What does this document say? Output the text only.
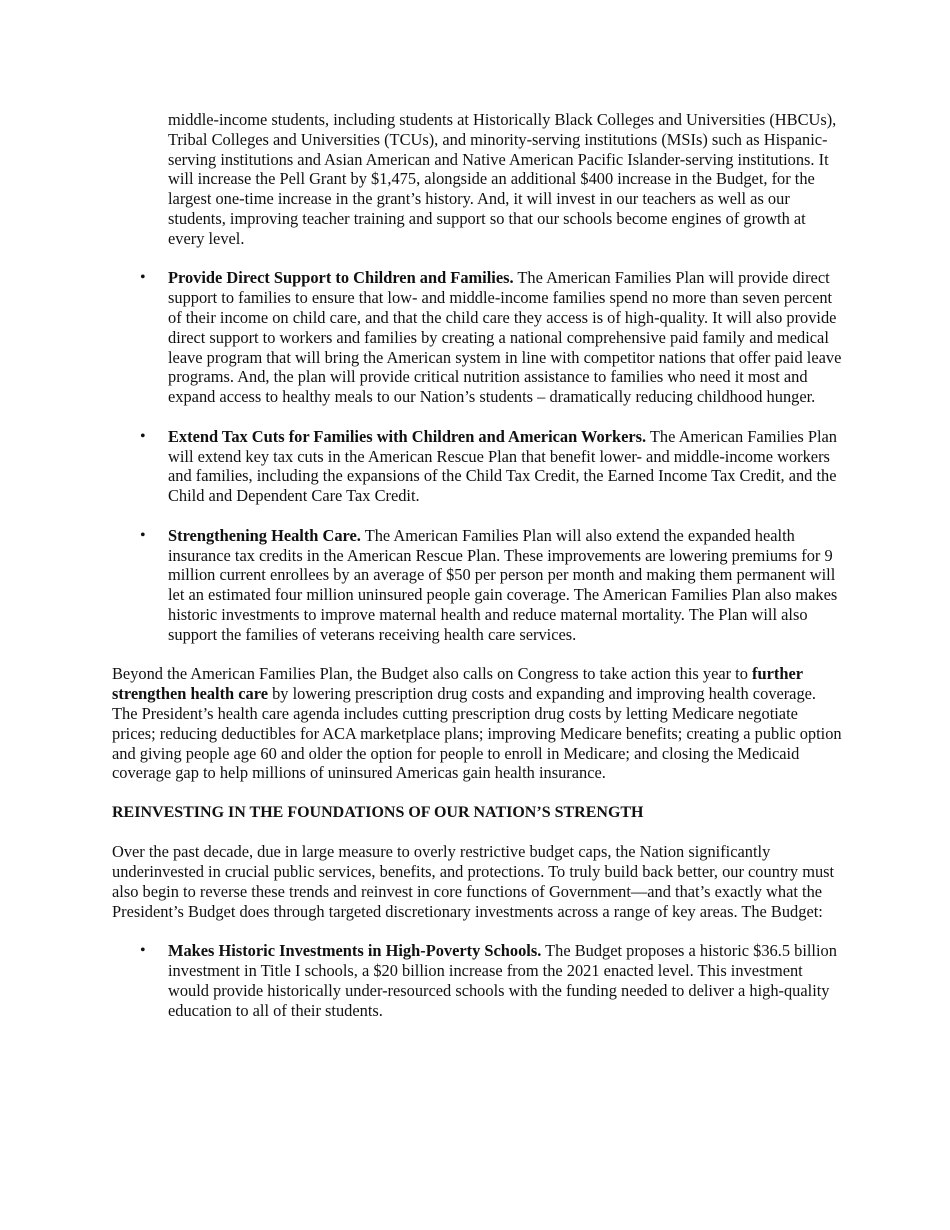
middle-income students, including students at Historically Black Colleges and Universities (HBCUs), Tribal Colleges and Universities (TCUs), and minority-serving institutions (MSIs) such as Hispanic-serving institutions and Asian American and Native American Pacific Islander-serving institutions. It will increase the Pell Grant by $1,475, alongside an additional $400 increase in the Budget, for the largest one-time increase in the grant’s history. And, it will invest in our teachers as well as our students, improving teacher training and support so that our schools become engines of growth at every level.

• Provide Direct Support to Children and Families. The American Families Plan will provide direct support to families to ensure that low- and middle-income families spend no more than seven percent of their income on child care, and that the child care they access is of high-quality. It will also provide direct support to workers and families by creating a national comprehensive paid family and medical leave program that will bring the American system in line with competitor nations that offer paid leave programs. And, the plan will provide critical nutrition assistance to families who need it most and expand access to healthy meals to our Nation’s students – dramatically reducing childhood hunger.
• Extend Tax Cuts for Families with Children and American Workers. The American Families Plan will extend key tax cuts in the American Rescue Plan that benefit lower- and middle-income workers and families, including the expansions of the Child Tax Credit, the Earned Income Tax Credit, and the Child and Dependent Care Tax Credit.
• Strengthening Health Care. The American Families Plan will also extend the expanded health insurance tax credits in the American Rescue Plan. These improvements are lowering premiums for 9 million current enrollees by an average of $50 per person per month and making them permanent will let an estimated four million uninsured people gain coverage. The American Families Plan also makes historic investments to improve maternal health and reduce maternal mortality. The Plan will also support the families of veterans receiving health care services.

Beyond the American Families Plan, the Budget also calls on Congress to take action this year to further strengthen health care by lowering prescription drug costs and expanding and improving health coverage. The President’s health care agenda includes cutting prescription drug costs by letting Medicare negotiate prices; reducing deductibles for ACA marketplace plans; improving Medicare benefits; creating a public option and giving people age 60 and older the option for people to enroll in Medicare; and closing the Medicaid coverage gap to help millions of uninsured Americas gain health insurance.

REINVESTING IN THE FOUNDATIONS OF OUR NATION’S STRENGTH

Over the past decade, due in large measure to overly restrictive budget caps, the Nation significantly underinvested in crucial public services, benefits, and protections. To truly build back better, our country must also begin to reverse these trends and reinvest in core functions of Government—and that’s exactly what the President’s Budget does through targeted discretionary investments across a range of key areas. The Budget:

• Makes Historic Investments in High-Poverty Schools. The Budget proposes a historic $36.5 billion investment in Title I schools, a $20 billion increase from the 2021 enacted level. This investment would provide historically under-resourced schools with the funding needed to deliver a high-quality education to all of their students.
